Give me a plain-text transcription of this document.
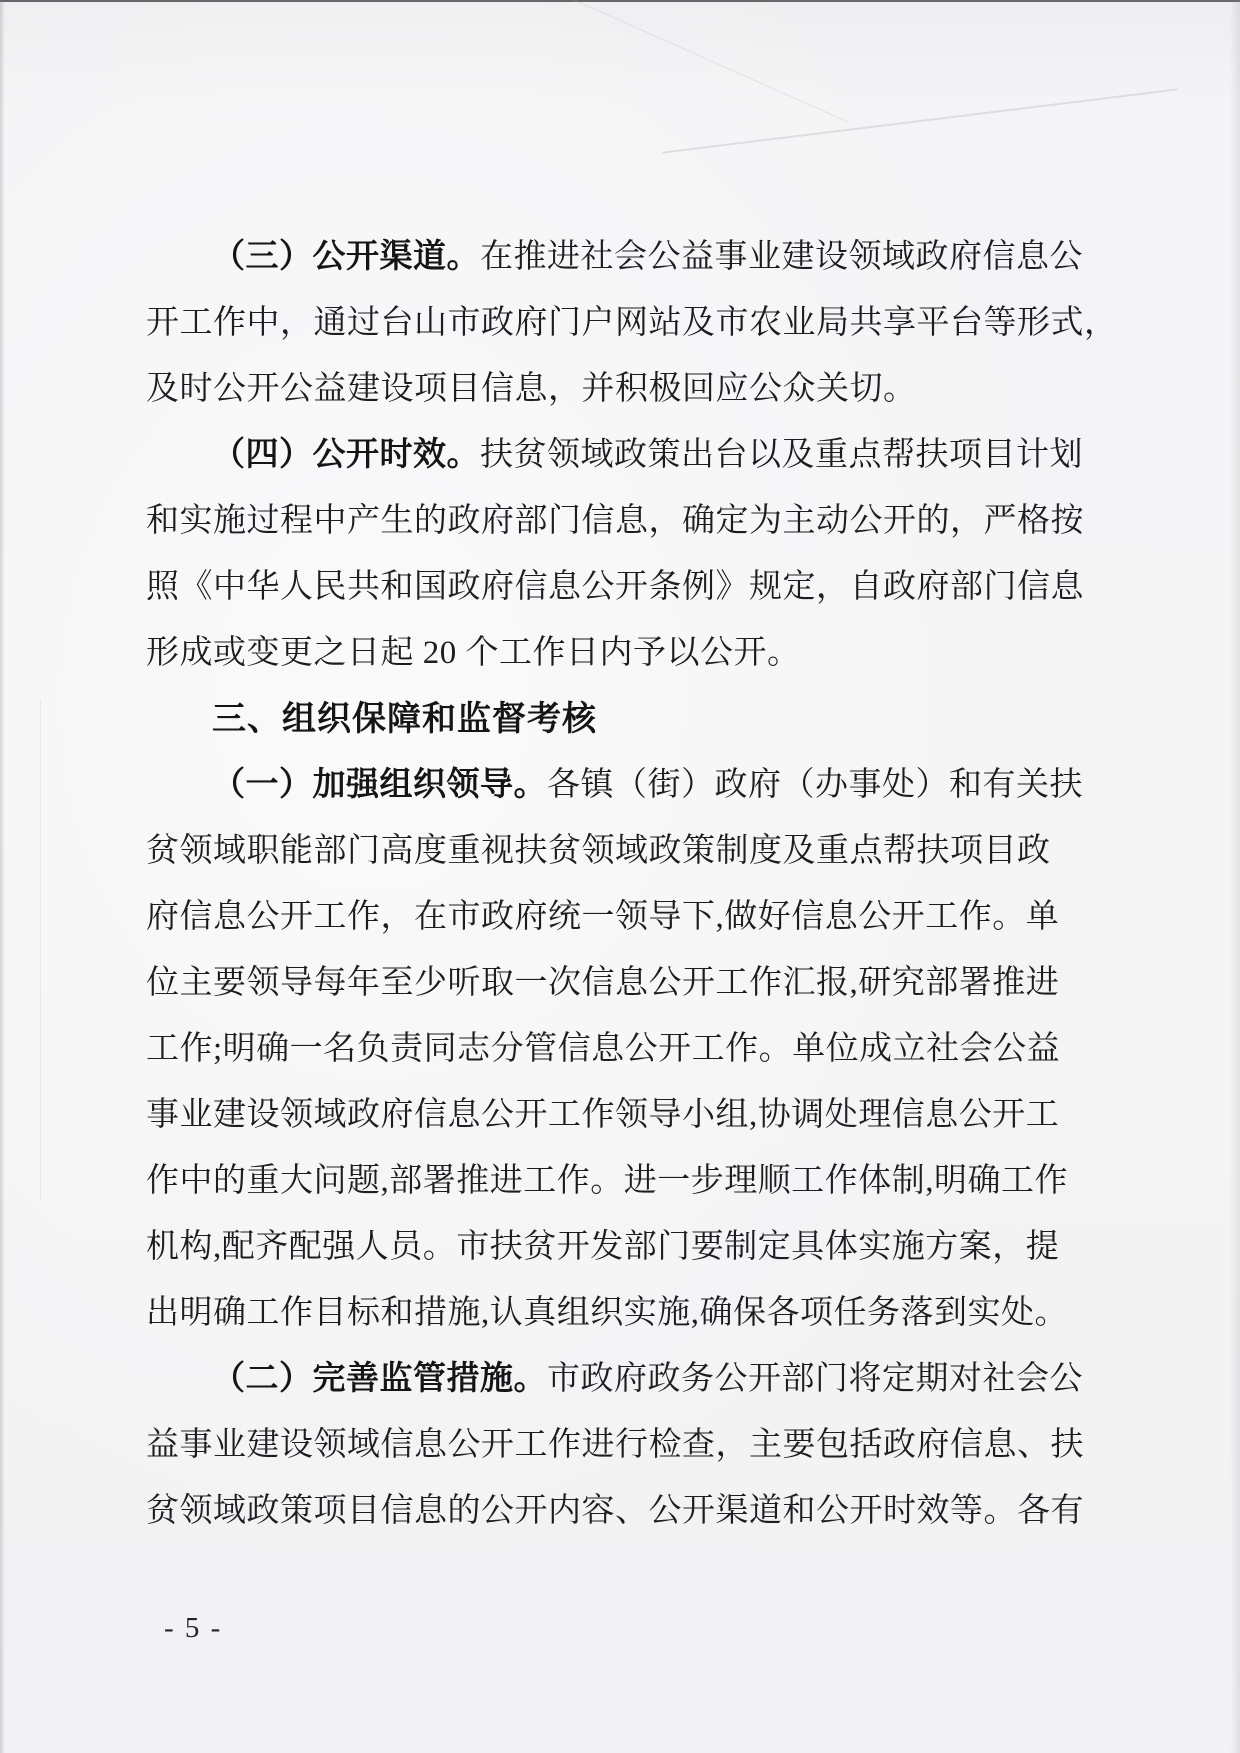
（三）公开渠道。在推进社会公益事业建设领域政府信息公
开工作中，通过台山市政府门户网站及市农业局共享平台等形式，
及时公开公益建设项目信息，并积极回应公众关切。
（四）公开时效。扶贫领域政策出台以及重点帮扶项目计划
和实施过程中产生的政府部门信息，确定为主动公开的，严格按
照《中华人民共和国政府信息公开条例》规定，自政府部门信息
形成或变更之日起 20 个工作日内予以公开。
三、组织保障和监督考核
（一）加强组织领导。各镇（街）政府（办事处）和有关扶
贫领域职能部门高度重视扶贫领域政策制度及重点帮扶项目政
府信息公开工作，在市政府统一领导下,做好信息公开工作。单
位主要领导每年至少听取一次信息公开工作汇报,研究部署推进
工作;明确一名负责同志分管信息公开工作。单位成立社会公益
事业建设领域政府信息公开工作领导小组,协调处理信息公开工
作中的重大问题,部署推进工作。进一步理顺工作体制,明确工作
机构,配齐配强人员。市扶贫开发部门要制定具体实施方案，提
出明确工作目标和措施,认真组织实施,确保各项任务落到实处。
（二）完善监管措施。市政府政务公开部门将定期对社会公
益事业建设领域信息公开工作进行检查，主要包括政府信息、扶
贫领域政策项目信息的公开内容、公开渠道和公开时效等。各有
- 5 -
